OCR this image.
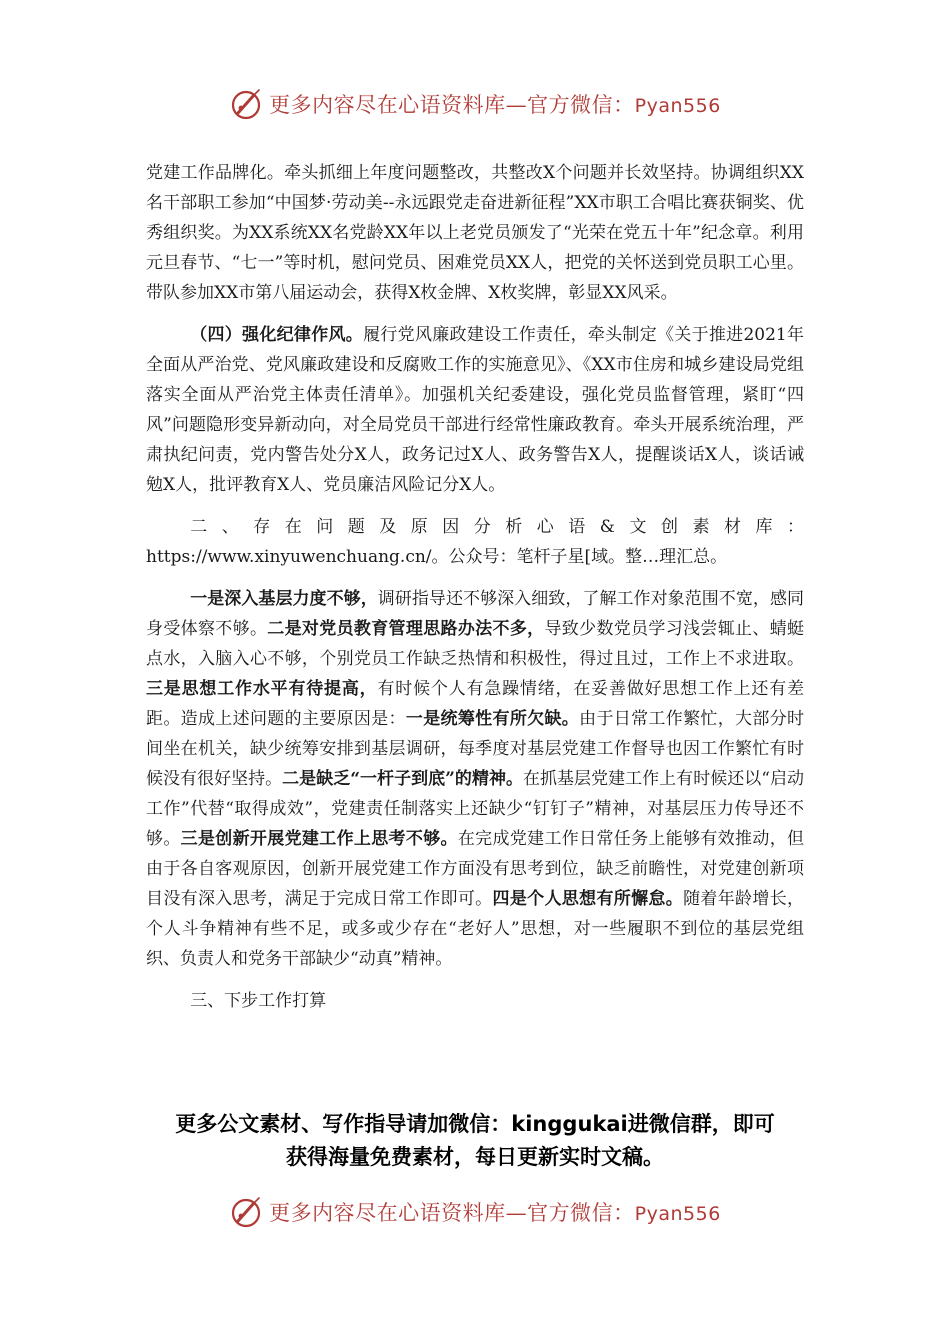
更多内容尽在心语资料库—官方微信：Pyan556

党建工作品牌化。牵头抓细上年度问题整改，共整改X个问题并长效坚持。协调组织XX名干部职工参加“中国梦·劳动美--永远跟党走奋进新征程”XX市职工合唱比赛获铜奖、优秀组织奖。为XX系统XX名党龄XX年以上老党员颁发了“光荣在党五十年”纪念章。利用元旦春节、“七一”等时机，慰问党员、困难党员XX人，把党的关怀送到党员职工心里。带队参加XX市第八届运动会，获得X枚金牌、X枚奖牌，彰显XX风采。

（四）强化纪律作风。履行党风廉政建设工作责任，牵头制定《关于推进2021年全面从严治党、党风廉政建设和反腐败工作的实施意见》、《XX市住房和城乡建设局党组落实全面从严治党主体责任清单》。加强机关纪委建设，强化党员监督管理，紧盯“四风”问题隐形变异新动向，对全局党员干部进行经常性廉政教育。牵头开展系统治理，严肃执纪问责，党内警告处分X人，政务记过X人、政务警告X人，提醒谈话X人，谈话诫勉X人，批评教育X人、党员廉洁风险记分X人。

二、存在问题及原因分析心语&文创素材库：https://www.xinyuwenchuang.cn/。公众号：笔杆子星[域。整…理汇总。

一是深入基层力度不够，调研指导还不够深入细致，了解工作对象范围不宽，感同身受体察不够。二是对党员教育管理思路办法不多，导致少数党员学习浅尝辄止、蜻蜓点水，入脑入心不够，个别党员工作缺乏热情和积极性，得过且过，工作上不求进取。三是思想工作水平有待提高，有时候个人有急躁情绪，在妥善做好思想工作上还有差距。造成上述问题的主要原因是：一是统筹性有所欠缺。由于日常工作繁忙，大部分时间坐在机关，缺少统筹安排到基层调研，每季度对基层党建工作督导也因工作繁忙有时候没有很好坚持。二是缺乏“一杆子到底”的精神。在抓基层党建工作上有时候还以“启动工作”代替“取得成效”，党建责任制落实上还缺少“钉钉子”精神，对基层压力传导还不够。三是创新开展党建工作上思考不够。在完成党建工作日常任务上能够有效推动，但由于各自客观原因，创新开展党建工作方面没有思考到位，缺乏前瞻性，对党建创新项目没有深入思考，满足于完成日常工作即可。四是个人思想有所懈怠。随着年龄增长，个人斗争精神有些不足，或多或少存在“老好人”思想，对一些履职不到位的基层党组织、负责人和党务干部缺少“动真”精神。

三、下步工作打算

更多公文素材、写作指导请加微信：kinggukai进微信群，即可
获得海量免费素材，每日更新实时文稿。
更多内容尽在心语资料库—官方微信：Pyan556
